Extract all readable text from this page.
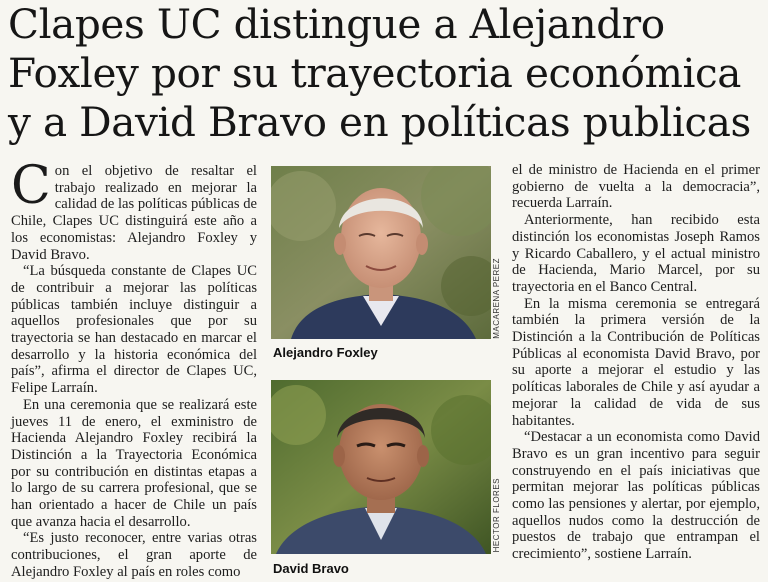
Clapes UC distingue a Alejandro
Foxley por su trayectoria económica
y a David Bravo en políticas publicas

Con el objetivo de resaltar el trabajo realizado en mejorar la calidad de las políticas públicas de Chile, Clapes UC distinguirá este año a los economistas: Alejandro Foxley y David Bravo.

“La búsqueda constante de Clapes UC de contribuir a mejorar las políticas públicas también incluye distinguir a aquellos profesionales que por su trayectoria se han destacado en marcar el desarrollo y la historia económica del país”, afirma el director de Clapes UC, Felipe Larraín.

En una ceremonia que se realizará este jueves 11 de enero, el exministro de Hacienda Alejandro Foxley recibirá la Distinción a la Trayectoria Económica por su contribución en distintas etapas a lo largo de su carrera profesional, que se han orientado a hacer de Chile un país que avanza hacia el desarrollo.

“Es justo reconocer, entre varias otras contribuciones, el gran aporte de Alejandro Foxley al país en roles como

MACARENA PEREZ
Alejandro Foxley
HECTOR FLORES
David Bravo

el de ministro de Hacienda en el primer gobierno de vuelta a la democracia”, recuerda Larraín.

Anteriormente, han recibido esta distinción los economistas Joseph Ramos y Ricardo Caballero, y el actual ministro de Hacienda, Mario Marcel, por su trayectoria en el Banco Central.

En la misma ceremonia se entregará también la primera versión de la Distinción a la Contribución de Políticas Públicas al economista David Bravo, por su aporte a mejorar el estudio y las políticas laborales de Chile y así ayudar a mejorar la calidad de vida de sus habitantes.

“Destacar a un economista como David Bravo es un gran incentivo para seguir construyendo en el país iniciativas que permitan mejorar las políticas públicas como las pensiones y alertar, por ejemplo, aquellos nudos como la destrucción de puestos de trabajo que entrampan el crecimiento”, sostiene Larraín.
